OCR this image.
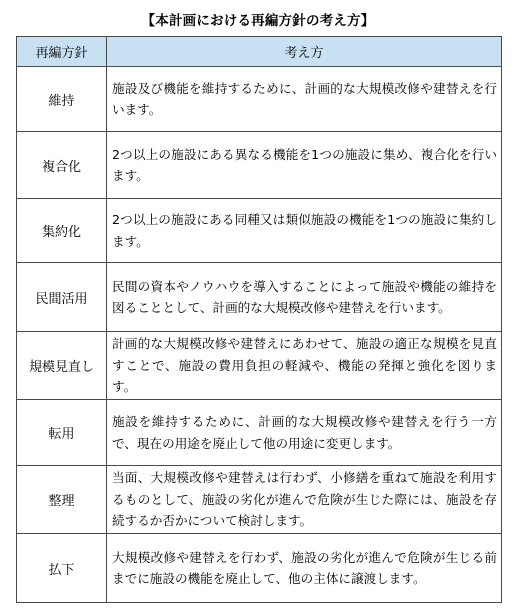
【本計画における再編方針の考え方】
再編方針	考え方
維持	施設及び機能を維持するために、計画的な大規模改修や建替えを行います。
複合化	2つ以上の施設にある異なる機能を1つの施設に集め、複合化を行います。
集約化	2つ以上の施設にある同種又は類似施設の機能を1つの施設に集約します。
民間活用	民間の資本やノウハウを導入することによって施設や機能の維持を図ることとして、計画的な大規模改修や建替えを行います。
規模見直し	計画的な大規模改修や建替えにあわせて、施設の適正な規模を見直すことで、施設の費用負担の軽減や、機能の発揮と強化を図ります。
転用	施設を維持するために、計画的な大規模改修や建替えを行う一方で、現在の用途を廃止して他の用途に変更します。
整理	当面、大規模改修や建替えは行わず、小修繕を重ねて施設を利用するものとして、施設の劣化が進んで危険が生じた際には、施設を存続するか否かについて検討します。
払下	大規模改修や建替えを行わず、施設の劣化が進んで危険が生じる前までに施設の機能を廃止して、他の主体に譲渡します。
